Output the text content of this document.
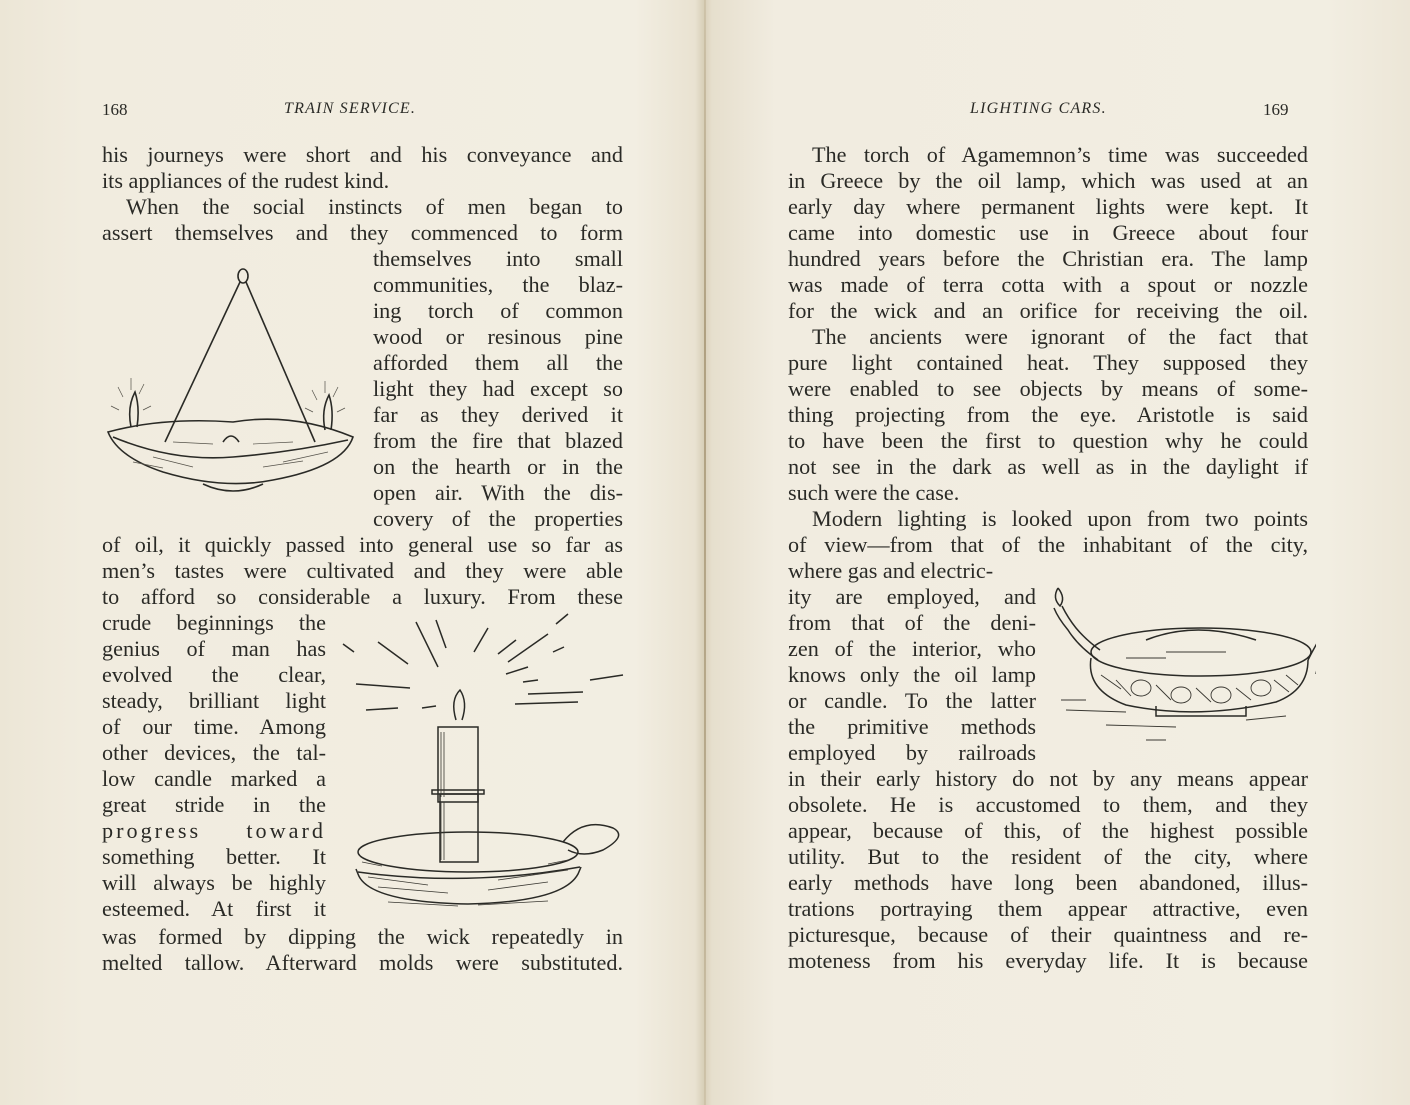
168	TRAIN SERVICE.
his journeys were short and his conveyance and
its appliances of the rudest kind.
When the social instincts of men began to
assert themselves and they commenced to form
themselves into small
communities, the blaz-
ing torch of common
wood or resinous pine
afforded them all the
light they had except so
far as they derived it
from the fire that blazed
on the hearth or in the
open air. With the dis-
covery of the properties
of oil, it quickly passed into general use so far as
men’s tastes were cultivated and they were able
to afford so considerable a luxury. From these
crude beginnings the
genius of man has
evolved the clear,
steady, brilliant light
of our time. Among
other devices, the tal-
low candle marked a
great stride in the
progress toward
something better. It
will always be highly
esteemed. At first it
was formed by dipping the wick repeatedly in
melted tallow. Afterward molds were substituted.
LIGHTING CARS.	169
The torch of Agamemnon’s time was succeeded
in Greece by the oil lamp, which was used at an
early day where permanent lights were kept. It
came into domestic use in Greece about four
hundred years before the Christian era. The lamp
was made of terra cotta with a spout or nozzle
for the wick and an orifice for receiving the oil.
The ancients were ignorant of the fact that
pure light contained heat. They supposed they
were enabled to see objects by means of some-
thing projecting from the eye. Aristotle is said
to have been the first to question why he could
not see in the dark as well as in the daylight if
such were the case.
Modern lighting is looked upon from two points
of view—from that of the inhabitant of the city,
where gas and electric-
ity are employed, and
from that of the deni-
zen of the interior, who
knows only the oil lamp
or candle. To the latter
the primitive methods
employed by railroads
in their early history do not by any means appear
obsolete. He is accustomed to them, and they
appear, because of this, of the highest possible
utility. But to the resident of the city, where
early methods have long been abandoned, illus-
trations portraying them appear attractive, even
picturesque, because of their quaintness and re-
moteness from his everyday life. It is because
